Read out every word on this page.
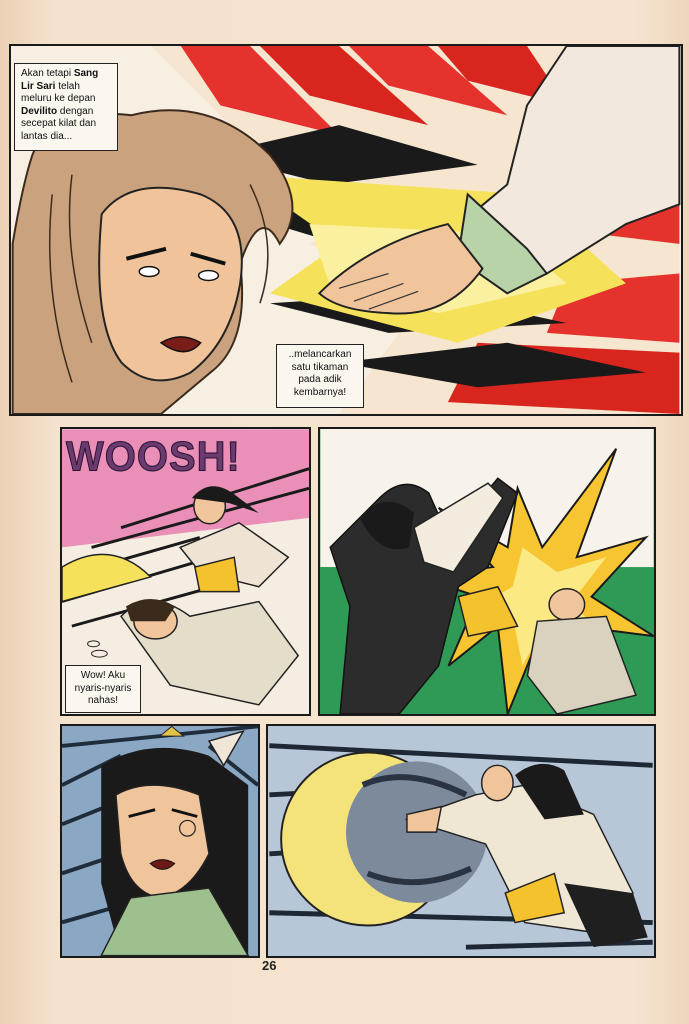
Akan tetapi Sang Lir Sari telah meluru ke depan Devilito dengan secepat kilat dan lantas dia...
..melancarkan satu tikaman pada adik kembarnya!
WOOSH!
Wow! Aku nyaris-nyaris nahas!
26
